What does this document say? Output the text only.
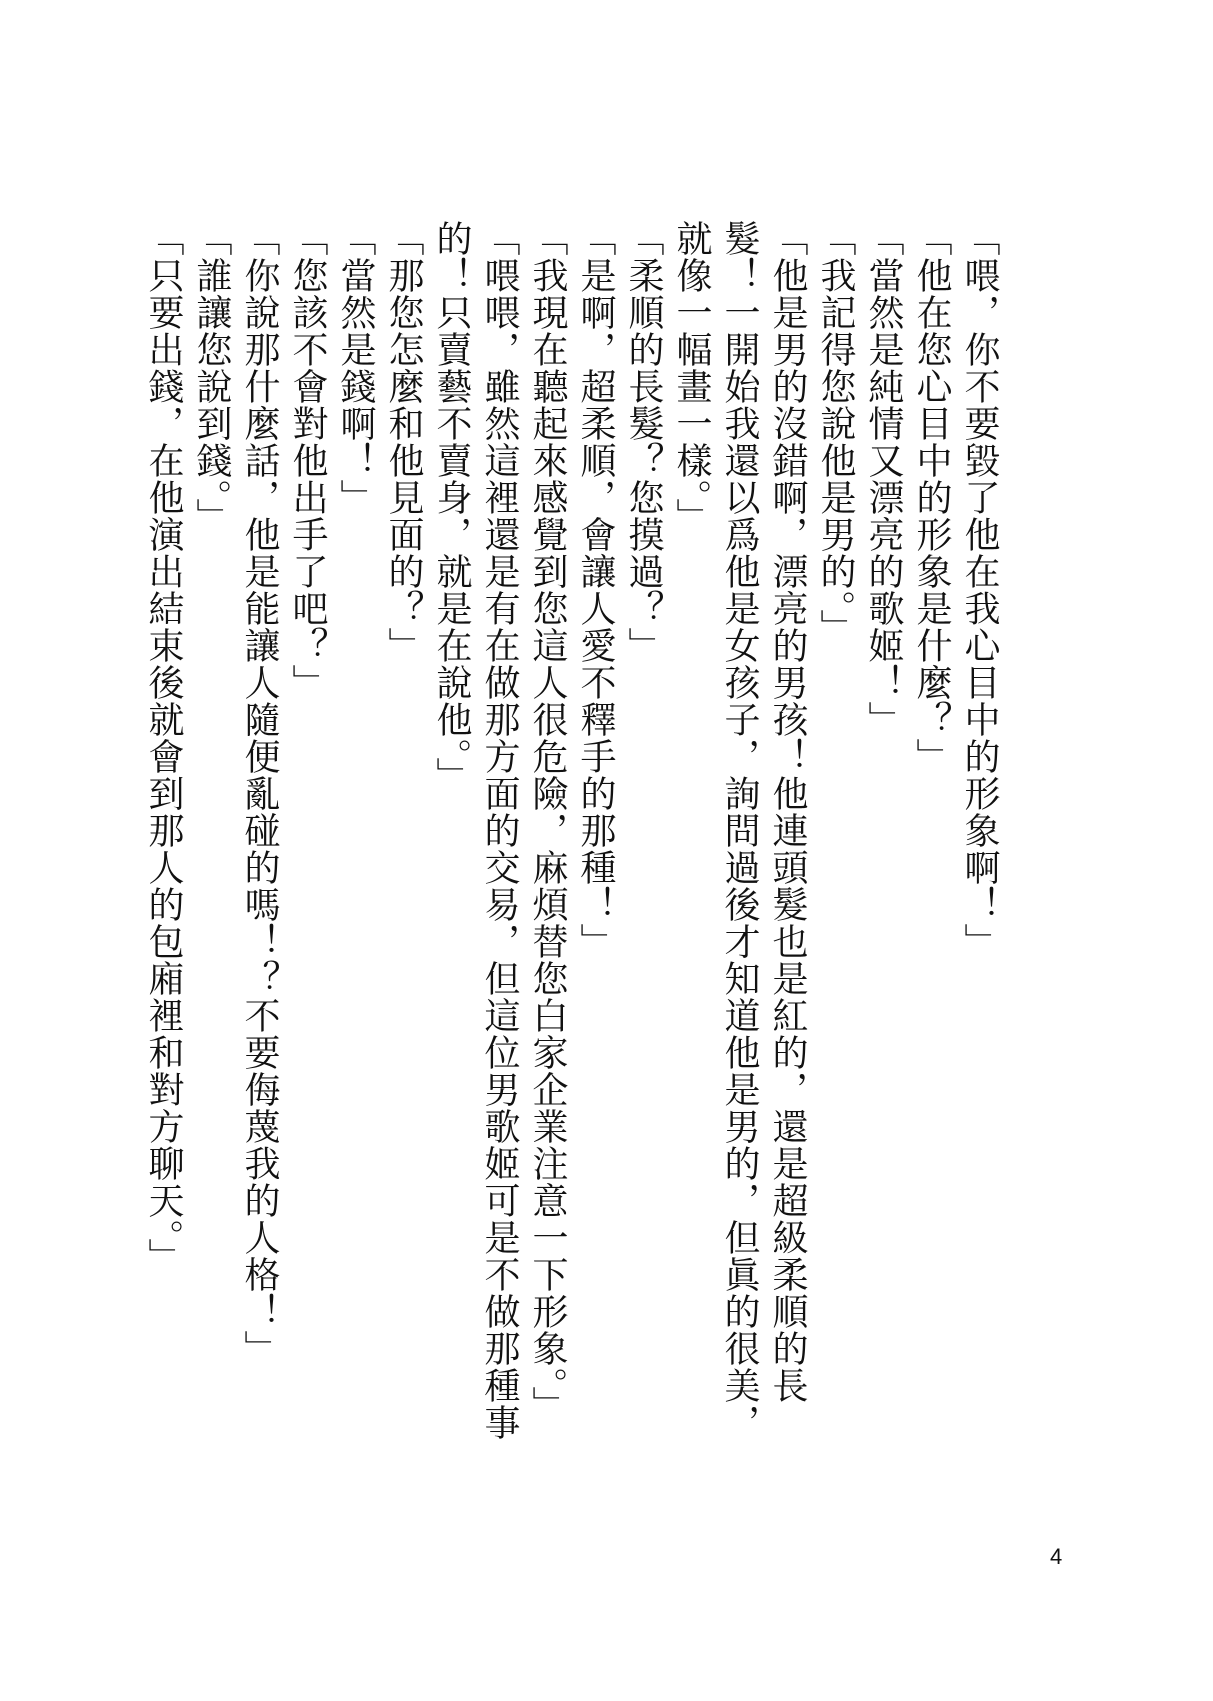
「喂，你不要毀了他在我心目中的形象啊！」

「他在您心目中的形象是什麼？」

「當然是純情又漂亮的歌姬！」

「我記得您說他是男的。」

「他是男的沒錯啊，漂亮的男孩！他連頭髮也是紅的，還是超級柔順的長髮！一開始我還以爲他是女孩子，詢問過後才知道他是男的，但眞的很美，就像一幅畫一樣。」

「柔順的長髮？您摸過？」

「是啊，超柔順，會讓人愛不釋手的那種！」

「我現在聽起來感覺到您這人很危險，麻煩替您白家企業注意一下形象。」

「喂喂，雖然這裡還是有在做那方面的交易，但這位男歌姬可是不做那種事的！只賣藝不賣身，就是在說他。」

「那您怎麼和他見面的？」

「當然是錢啊！」

「您該不會對他出手了吧？」

「你說那什麼話，他是能讓人隨便亂碰的嗎！？不要侮蔑我的人格！」

「誰讓您說到錢。」

「只要出錢，在他演出結束後就會到那人的包廂裡和對方聊天。」

4
